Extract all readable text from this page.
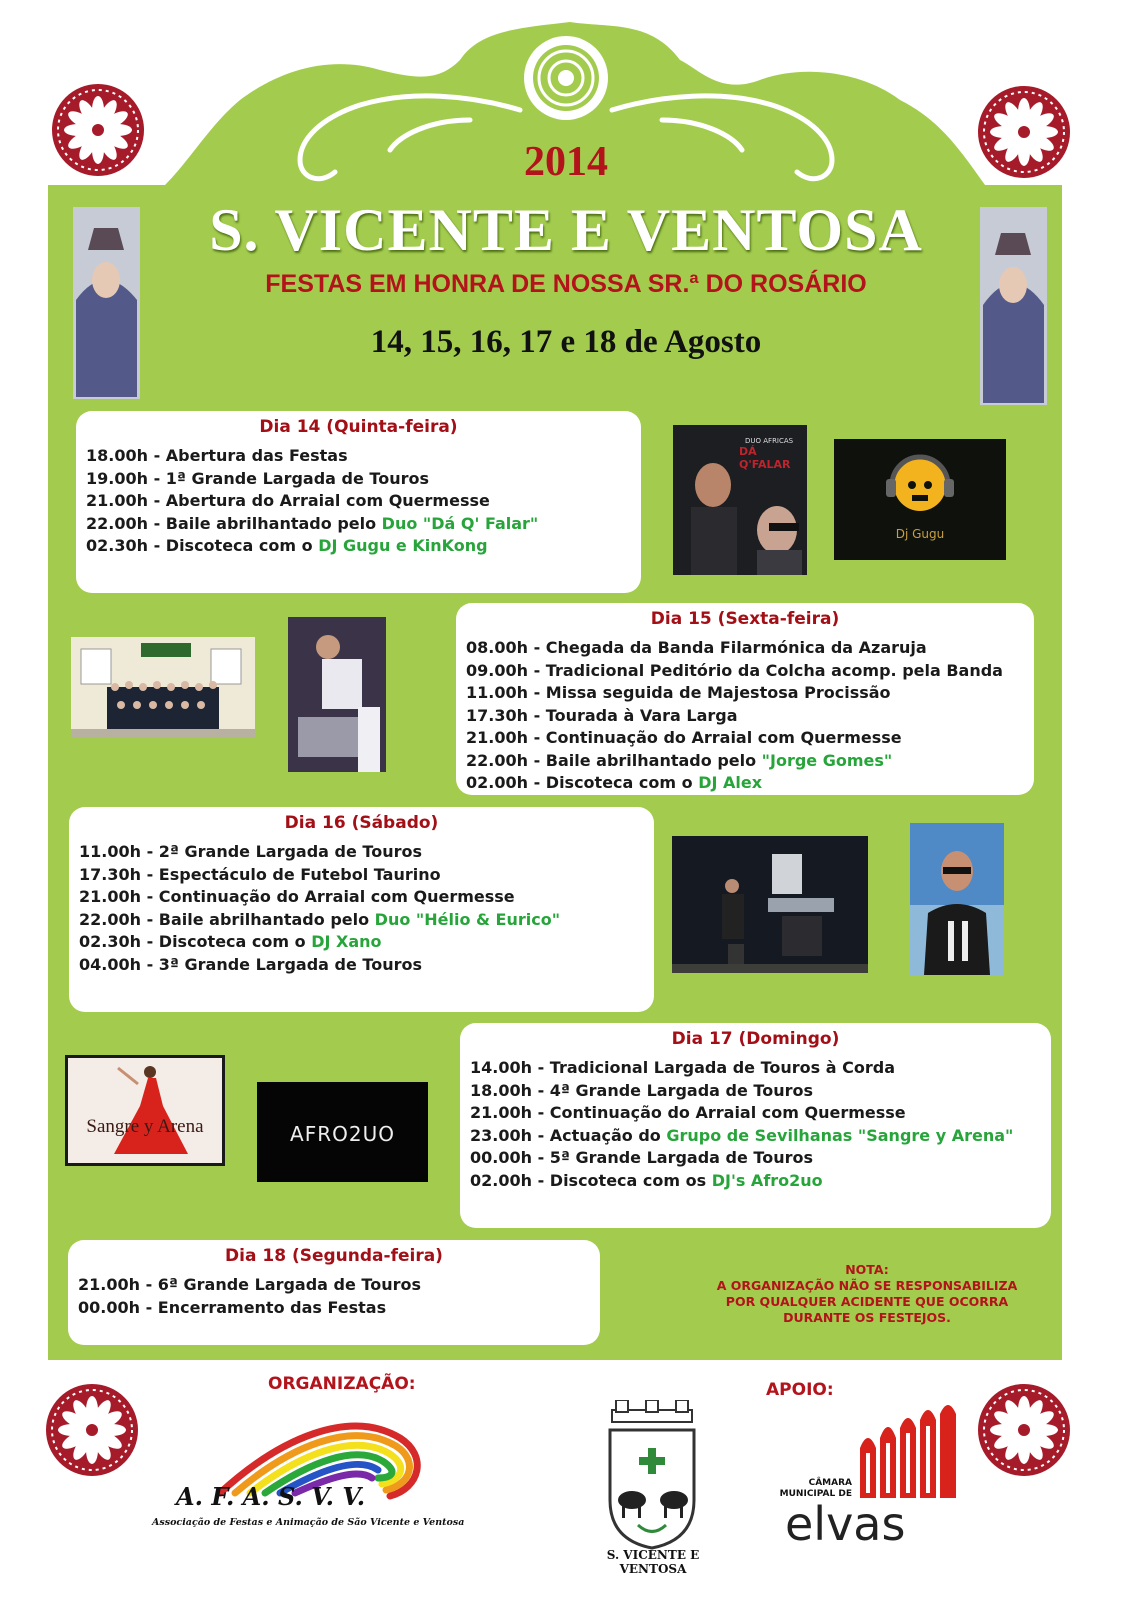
2014
S. VICENTE E VENTOSA
FESTAS EM HONRA DE NOSSA SR.ª DO ROSÁRIO
14, 15, 16, 17 e 18 de Agosto
Dia 14 (Quinta-feira)
18.00h - Abertura das Festas
19.00h - 1ª Grande Largada de Touros
21.00h - Abertura do Arraial com Quermesse
22.00h - Baile abrilhantado pelo Duo "Dá Q' Falar"
02.30h - Discoteca com o DJ Gugu e KinKong
Dia 15 (Sexta-feira)
08.00h - Chegada da Banda Filarmónica da Azaruja
09.00h - Tradicional Peditório da Colcha acomp. pela Banda
11.00h - Missa seguida de Majestosa Procissão
17.30h - Tourada à Vara Larga
21.00h - Continuação do Arraial com Quermesse
22.00h - Baile abrilhantado pelo "Jorge Gomes"
02.00h - Discoteca com o DJ Alex
Dia 16 (Sábado)
11.00h - 2ª Grande Largada de Touros
17.30h - Espectáculo de Futebol Taurino
21.00h - Continuação do Arraial com Quermesse
22.00h - Baile abrilhantado pelo Duo "Hélio & Eurico"
02.30h - Discoteca com o DJ Xano
04.00h - 3ª Grande Largada de Touros
Dia 17 (Domingo)
14.00h - Tradicional Largada de Touros à Corda
18.00h - 4ª Grande Largada de Touros
21.00h - Continuação do Arraial com Quermesse
23.00h - Actuação do Grupo de Sevilhanas "Sangre y Arena"
00.00h - 5ª Grande Largada de Touros
02.00h - Discoteca com os DJ's Afro2uo
Dia 18 (Segunda-feira)
21.00h - 6ª Grande Largada de Touros
00.00h - Encerramento das Festas
DUO AFRICAS
DÁ Q'FALAR
Dj Gugu
Sangre y Arena	AFRO2UO
NOTA:
A ORGANIZAÇÃO NÃO SE RESPONSABILIZA POR QUALQUER ACIDENTE QUE OCORRA DURANTE OS FESTEJOS.
ORGANIZAÇÃO:	APOIO:
A. F. A. S. V. V.
Associação de Festas e Animação de São Vicente e Ventosa
S. VICENTE E VENTOSA
CÂMARA
MUNICIPAL DE
elvas
